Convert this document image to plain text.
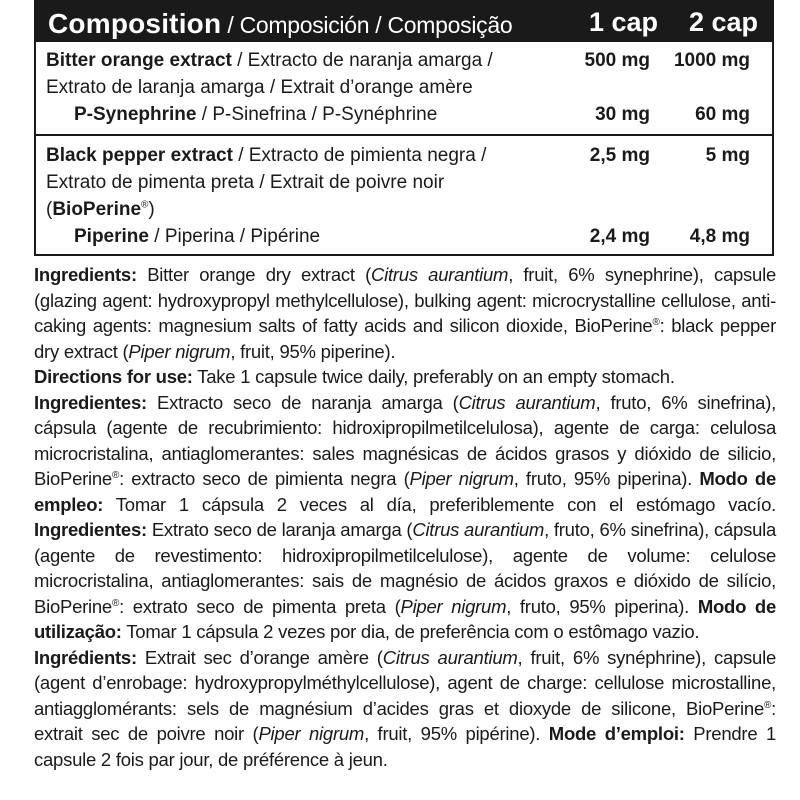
Composition / Composición / Composição	1 cap	2 cap
Bitter orange extract / Extracto de naranja amarga /
Extrato de laranja amarga / Extrait d’orange amère
500 mg	1000 mg
P-Synephrine / P-Sinefrina / P-Synéphrine	30 mg	60 mg
Black pepper extract / Extracto de pimienta negra /
Extrato de pimenta preta / Extrait de poivre noir
(BioPerine®)
2,5 mg	5 mg
Piperine / Piperina / Pipérine	2,4 mg	4,8 mg

Ingredients: Bitter orange dry extract (Citrus aurantium, fruit, 6% synephrine), capsule (glazing agent: hydroxypropyl methylcellulose), bulking agent: microcrystalline cellulose, anti-caking agents: magnesium salts of fatty acids and silicon dioxide, BioPerine®: black pepper dry extract (Piper nigrum, fruit, 95% piperine).

Directions for use: Take 1 capsule twice daily, preferably on an empty stomach.

Ingredientes: Extracto seco de naranja amarga (Citrus aurantium, fruto, 6% sinefrina), cápsula (agente de recubrimiento: hidroxipropilmetilcelulosa), agente de carga: celulosa microcristalina, antiaglomerantes: sales magnésicas de ácidos grasos y dióxido de silicio, BioPerine®: extracto seco de pimienta negra (Piper nigrum, fruto, 95% piperina). Modo de empleo: Tomar 1 cápsula 2 veces al día, preferiblemente con el estómago vacío. Ingredientes: Extrato seco de laranja amarga (Citrus aurantium, fruto, 6% sinefrina), cápsula (agente de revestimento: hidroxipropilmetilcelulose), agente de volume: celulose microcristalina, antiaglomerantes: sais de magnésio de ácidos graxos e dióxido de silício, BioPerine®: extrato seco de pimenta preta (Piper nigrum, fruto, 95% piperina). Modo de utilização: Tomar 1 cápsula 2 vezes por dia, de preferência com o estômago vazio.

Ingrédients: Extrait sec d’orange amère (Citrus aurantium, fruit, 6% synéphrine), capsule (agent d’enrobage: hydroxypropylméthylcellulose), agent de charge: cellulose microstalline, antiagglomérants: sels de magnésium d’acides gras et dioxyde de silicone, BioPerine®: extrait sec de poivre noir (Piper nigrum, fruit, 95% pipérine). Mode d’emploi: Prendre 1 capsule 2 fois par jour, de préférence à jeun.
